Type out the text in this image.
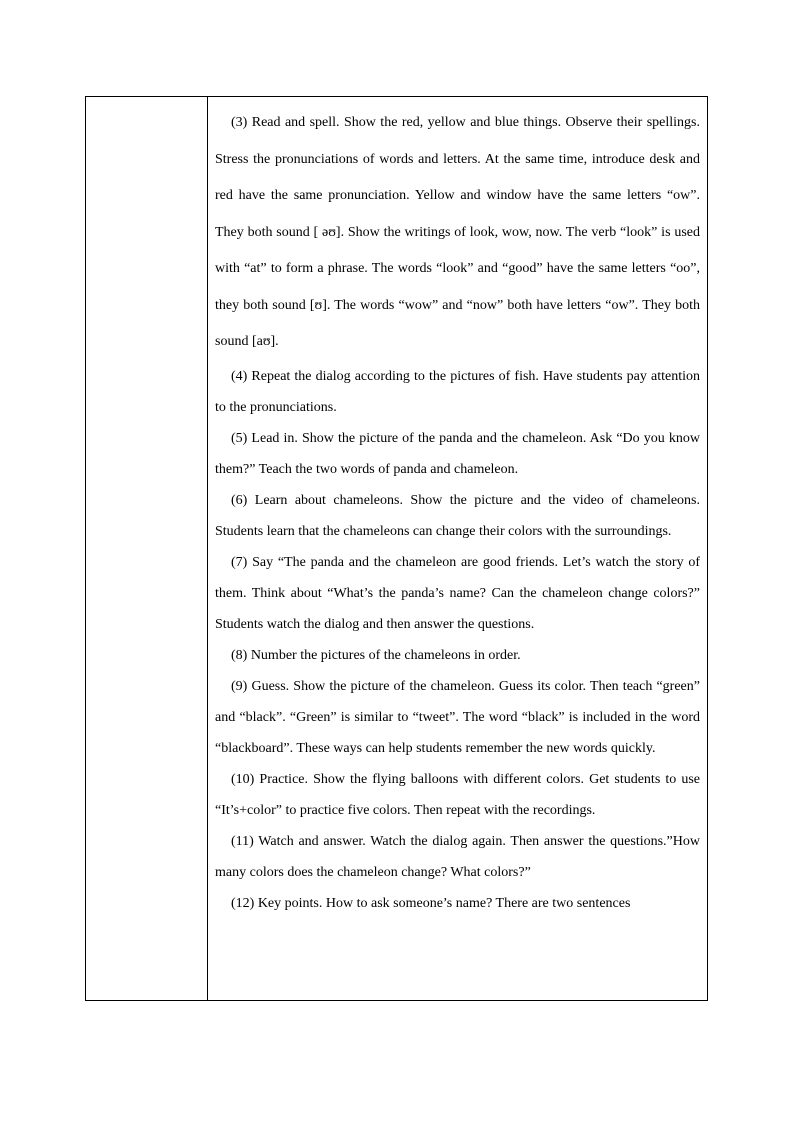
(3) Read and spell. Show the red, yellow and blue things. Observe their spellings. Stress the pronunciations of words and letters. At the same time, introduce desk and red have the same pronunciation. Yellow and window have the same letters “ow”. They both sound [ əʊ]. Show the writings of look, wow, now. The verb “look” is used with “at” to form a phrase. The words “look” and “good” have the same letters “oo”, they both sound [ʊ]. The words “wow” and “now” both have letters “ow”. They both sound [aʊ].

(4) Repeat the dialog according to the pictures of fish. Have students pay attention to the pronunciations.

(5) Lead in. Show the picture of the panda and the chameleon. Ask “Do you know them?” Teach the two words of panda and chameleon.

(6) Learn about chameleons. Show the picture and the video of chameleons. Students learn that the chameleons can change their colors with the surroundings.

(7) Say “The panda and the chameleon are good friends. Let’s watch the story of them. Think about “What’s the panda’s name? Can the chameleon change colors?” Students watch the dialog and then answer the questions.

(8) Number the pictures of the chameleons in order.

(9) Guess. Show the picture of the chameleon. Guess its color. Then teach “green” and “black”. “Green” is similar to “tweet”. The word “black” is included in the word “blackboard”. These ways can help students remember the new words quickly.

(10) Practice. Show the flying balloons with different colors. Get students to use “It’s+color” to practice five colors. Then repeat with the recordings.

(11) Watch and answer. Watch the dialog again. Then answer the questions.”How many colors does the chameleon change? What colors?”

(12) Key points. How to ask someone’s name? There are two sentences
